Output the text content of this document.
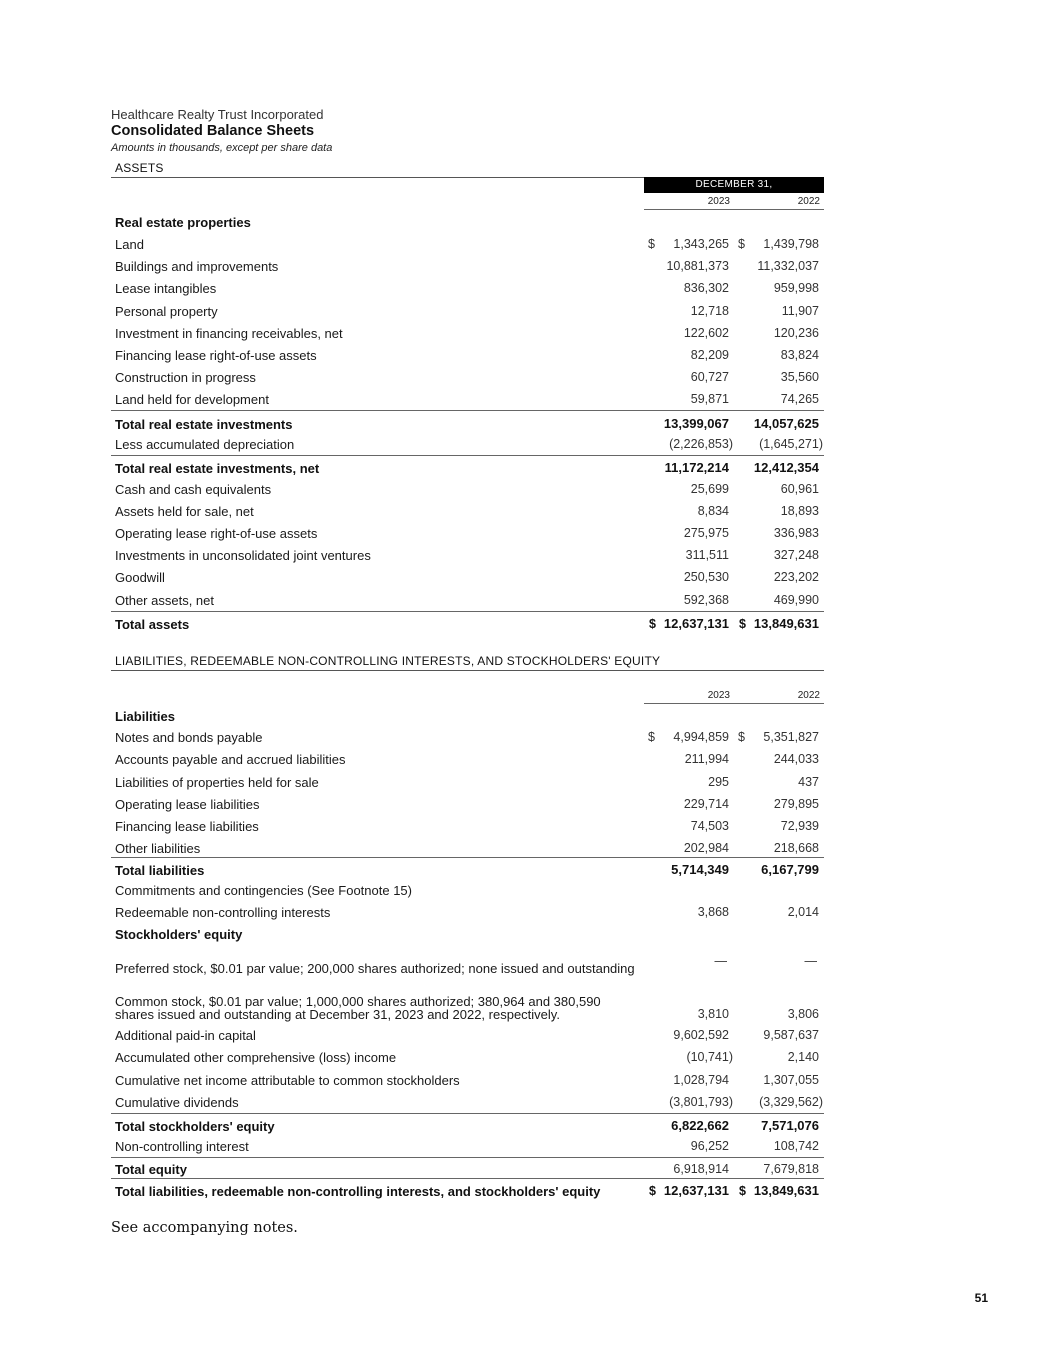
Healthcare Realty Trust Incorporated
Consolidated Balance Sheets
Amounts in thousands, except per share data
ASSETS
DECEMBER 31,
2023	2022
Real estate properties
Land	$ 1,343,265 $ 1,439,798
Buildings and improvements	10,881,373 11,332,037
Lease intangibles	836,302	959,998
Personal property	12,718	11,907
Investment in financing receivables, net	122,602	120,236
Financing lease right-of-use assets	82,209	83,824
Construction in progress	60,727	35,560
Land held for development	59,871	74,265
Total real estate investments	13,399,067 14,057,625
Less accumulated depreciation	(2,226,853) (1,645,271)
Total real estate investments, net	11,172,214 12,412,354
Cash and cash equivalents	25,699	60,961
Assets held for sale, net	8,834	18,893
Operating lease right-of-use assets	275,975	336,983
Investments in unconsolidated joint ventures	311,511	327,248
Goodwill	250,530	223,202
Other assets, net	592,368	469,990
Total assets	$ 12,637,131 $ 13,849,631
LIABILITIES, REDEEMABLE NON-CONTROLLING INTERESTS, AND STOCKHOLDERS' EQUITY
2023	2022
Liabilities
Notes and bonds payable	$ 4,994,859 $ 5,351,827
Accounts payable and accrued liabilities	211,994	244,033
Liabilities of properties held for sale	295	437
Operating lease liabilities	229,714	279,895
Financing lease liabilities	74,503	72,939
Other liabilities	202,984	218,668
Total liabilities	5,714,349 6,167,799
Commitments and contingencies (See Footnote 15)
Redeemable non-controlling interests	3,868	2,014
Stockholders' equity
Preferred stock, $0.01 par value; 200,000 shares authorized; none issued and outstanding	—	—
Common stock, $0.01 par value; 1,000,000 shares authorized; 380,964 and 380,590 shares issued and outstanding at December 31, 2023 and 2022, respectively.	3,810	3,806
Additional paid-in capital	9,602,592	9,587,637
Accumulated other comprehensive (loss) income	(10,741)	2,140
Cumulative net income attributable to common stockholders	1,028,794	1,307,055
Cumulative dividends	(3,801,793) (3,329,562)
Total stockholders' equity	6,822,662 7,571,076
Non-controlling interest	96,252	108,742
Total equity	6,918,914	7,679,818
Total liabilities, redeemable non-controlling interests, and stockholders' equity	$ 12,637,131 $ 13,849,631
See accompanying notes.
51
